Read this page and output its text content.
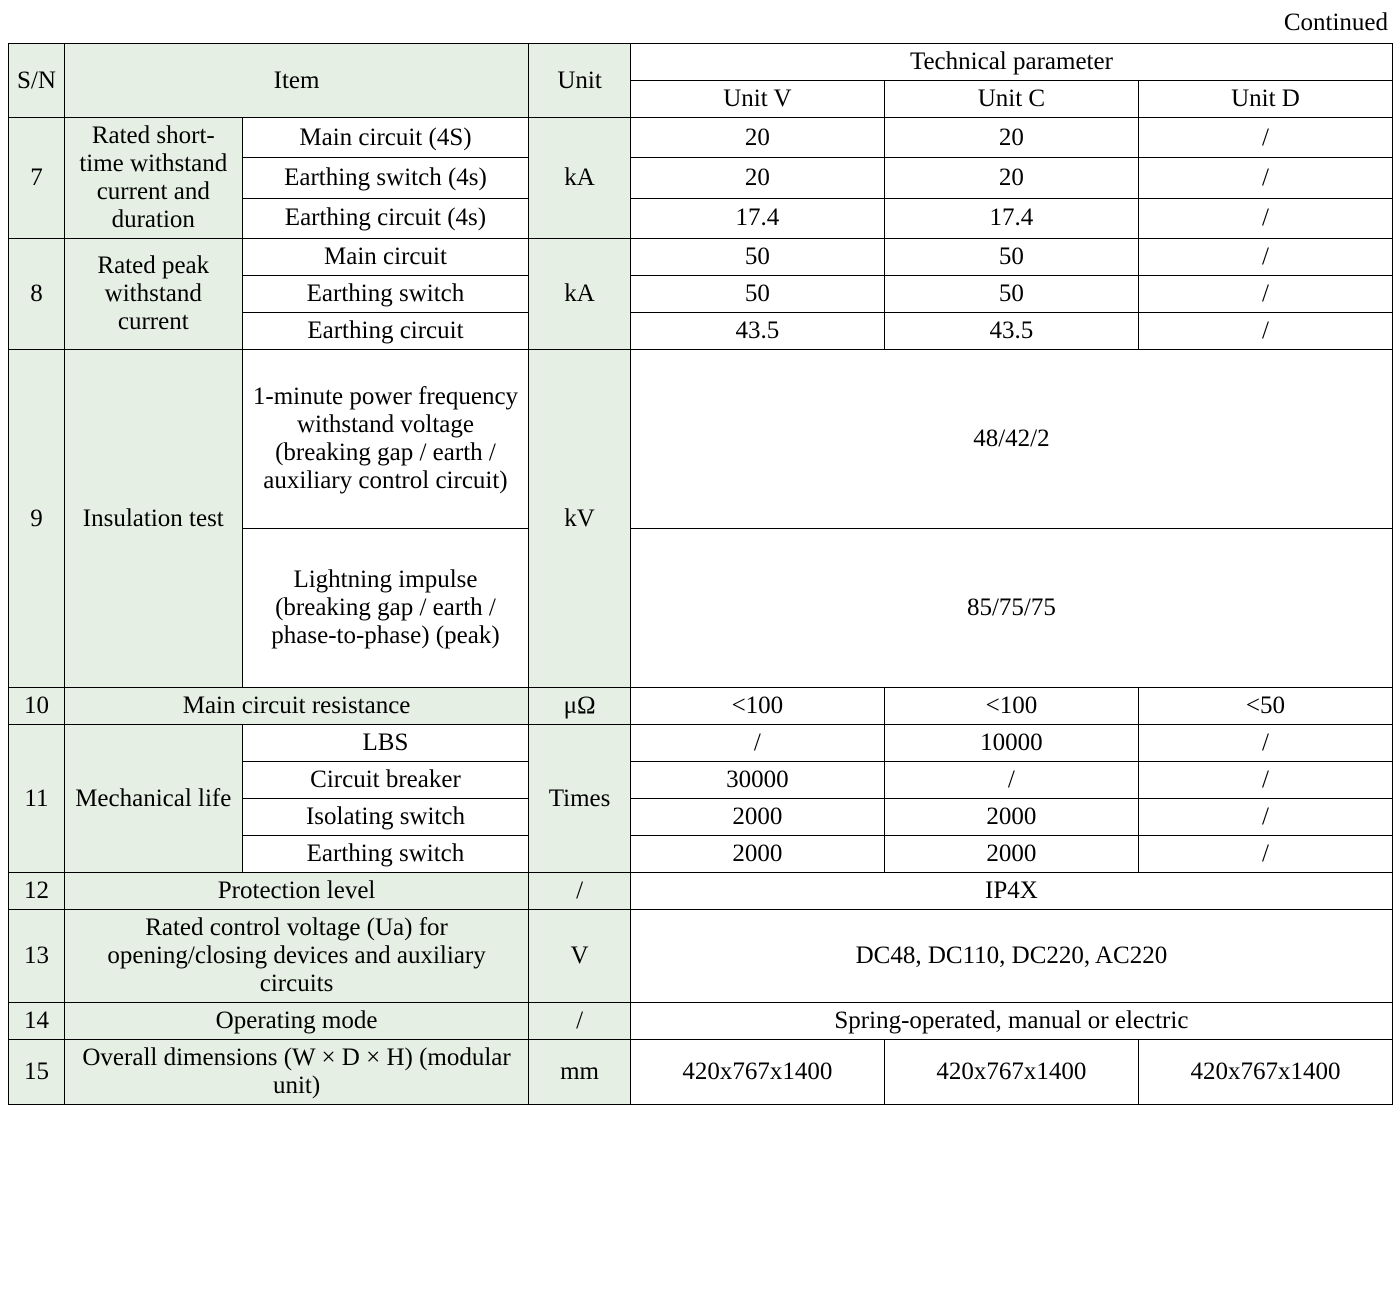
Continued
S/N	Item		Unit	Technical parameter		
				Unit V	Unit C	Unit D
7	Rated short-time withstand current and duration	Main circuit (4S)	kA	20	20	/
		Earthing switch (4s)		20	20	/
		Earthing circuit (4s)		17.4	17.4	/
8	Rated peak withstand current	Main circuit	kA	50	50	/
		Earthing switch		50	50	/
		Earthing circuit		43.5	43.5	/
9	Insulation test	1-minute power frequency withstand voltage (breaking gap / earth / auxiliary control circuit)	kV	48/42/2		
		Lightning impulse (breaking gap / earth / phase-to-phase) (peak)		85/75/75		
10	Main circuit resistance		μΩ	<100	<100	<50
11	Mechanical life	LBS	Times	/	10000	/
		Circuit breaker		30000	/	/
		Isolating switch		2000	2000	/
		Earthing switch		2000	2000	/
12	Protection level		/	IP4X		
13	Rated control voltage (Ua) for opening/closing devices and auxiliary circuits		V	DC48, DC110, DC220, AC220		
14	Operating mode		/	Spring-operated, manual or electric		
15	Overall dimensions (W × D × H) (modular unit)		mm	420x767x1400	420x767x1400	420x767x1400
